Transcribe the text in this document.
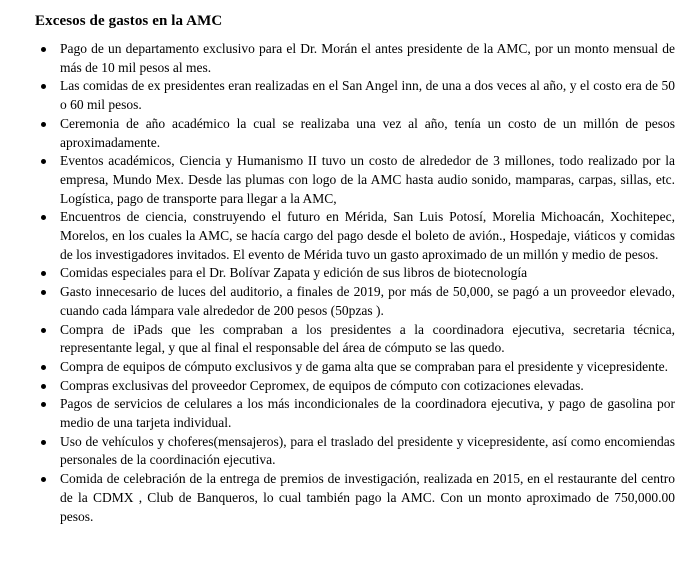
Excesos de gastos en la AMC
Pago de un departamento exclusivo para el Dr. Morán el antes presidente de la AMC, por un monto mensual de más de 10 mil pesos al mes.
Las comidas de ex presidentes eran realizadas en el San Angel inn, de una a dos veces al año, y el costo era de 50 o 60 mil pesos.
Ceremonia de año académico la cual se realizaba una vez al año, tenía un costo de un millón de pesos aproximadamente.
Eventos académicos, Ciencia y Humanismo II tuvo un costo de alrededor de 3 millones, todo realizado por la empresa, Mundo Mex. Desde las plumas con logo de la AMC hasta audio sonido, mamparas, carpas, sillas, etc. Logística, pago de transporte para llegar a la AMC,
Encuentros de ciencia, construyendo el futuro en Mérida, San Luis Potosí, Morelia Michoacán, Xochitepec, Morelos, en los cuales la AMC, se hacía cargo del pago desde el boleto de avión., Hospedaje, viáticos y comidas de los investigadores invitados. El evento de Mérida tuvo un gasto aproximado de un millón y medio de pesos.
Comidas especiales para el Dr. Bolívar Zapata y edición de sus libros de biotecnología
Gasto innecesario de luces del auditorio, a finales de 2019, por más de 50,000, se pagó a un proveedor elevado, cuando cada lámpara vale alrededor de 200 pesos (50pzas ).
Compra de iPads que les compraban a los presidentes a la coordinadora ejecutiva, secretaria técnica, representante legal, y que al final el responsable del área de cómputo se las quedo.
Compra de equipos de cómputo exclusivos y de gama alta que se compraban para el presidente y vicepresidente.
Compras exclusivas del proveedor Cepromex, de equipos de cómputo con cotizaciones elevadas.
Pagos de servicios de celulares a los más incondicionales de la coordinadora ejecutiva, y pago de gasolina por medio de una tarjeta individual.
Uso de vehículos y choferes(mensajeros), para el traslado del presidente y vicepresidente, así como encomiendas personales de la coordinación ejecutiva.
Comida de celebración de la entrega de premios de investigación, realizada en 2015, en el restaurante del centro de la CDMX , Club de Banqueros, lo cual también pago la AMC. Con un monto aproximado de 750,000.00 pesos.
